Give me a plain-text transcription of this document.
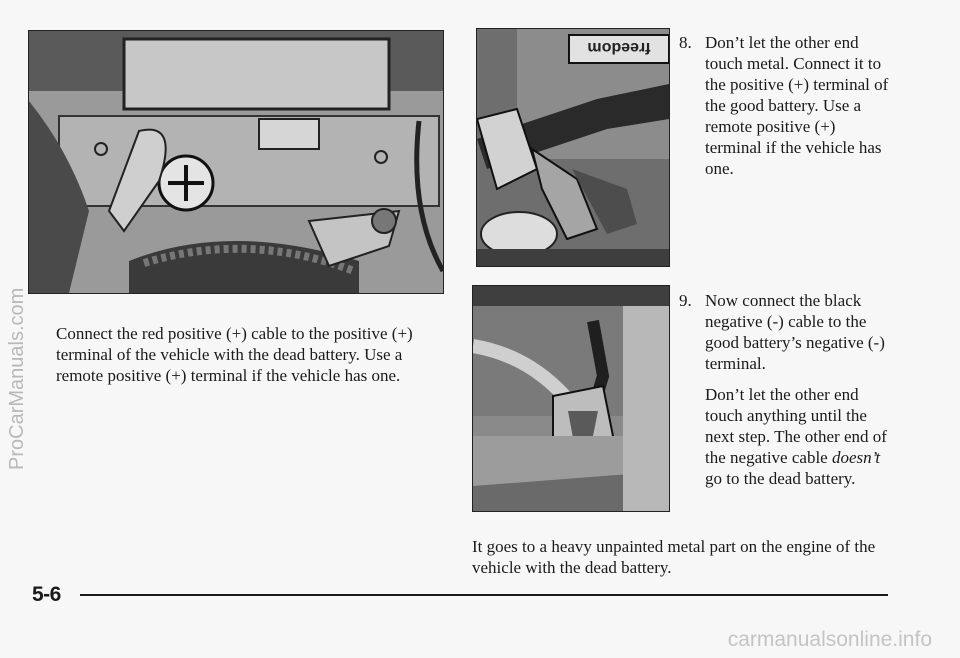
Connect the red positive (+) cable to the positive (+) terminal of the vehicle with the dead battery. Use a remote positive (+) terminal if the vehicle has one.
freedom 8. Don’t let the other end touch metal. Connect it to the positive (+) terminal of the good battery. Use a remote positive (+) terminal if the vehicle has one.
9. Now connect the black negative (-) cable to the good battery’s negative (-) terminal.
Don’t let the other end touch anything until the next step. The other end of the negative cable doesn’t go to the dead battery.
It goes to a heavy unpainted metal part on the engine of the vehicle with the dead battery.
5-6
ProCarManuals.com
carmanualsonline.info
